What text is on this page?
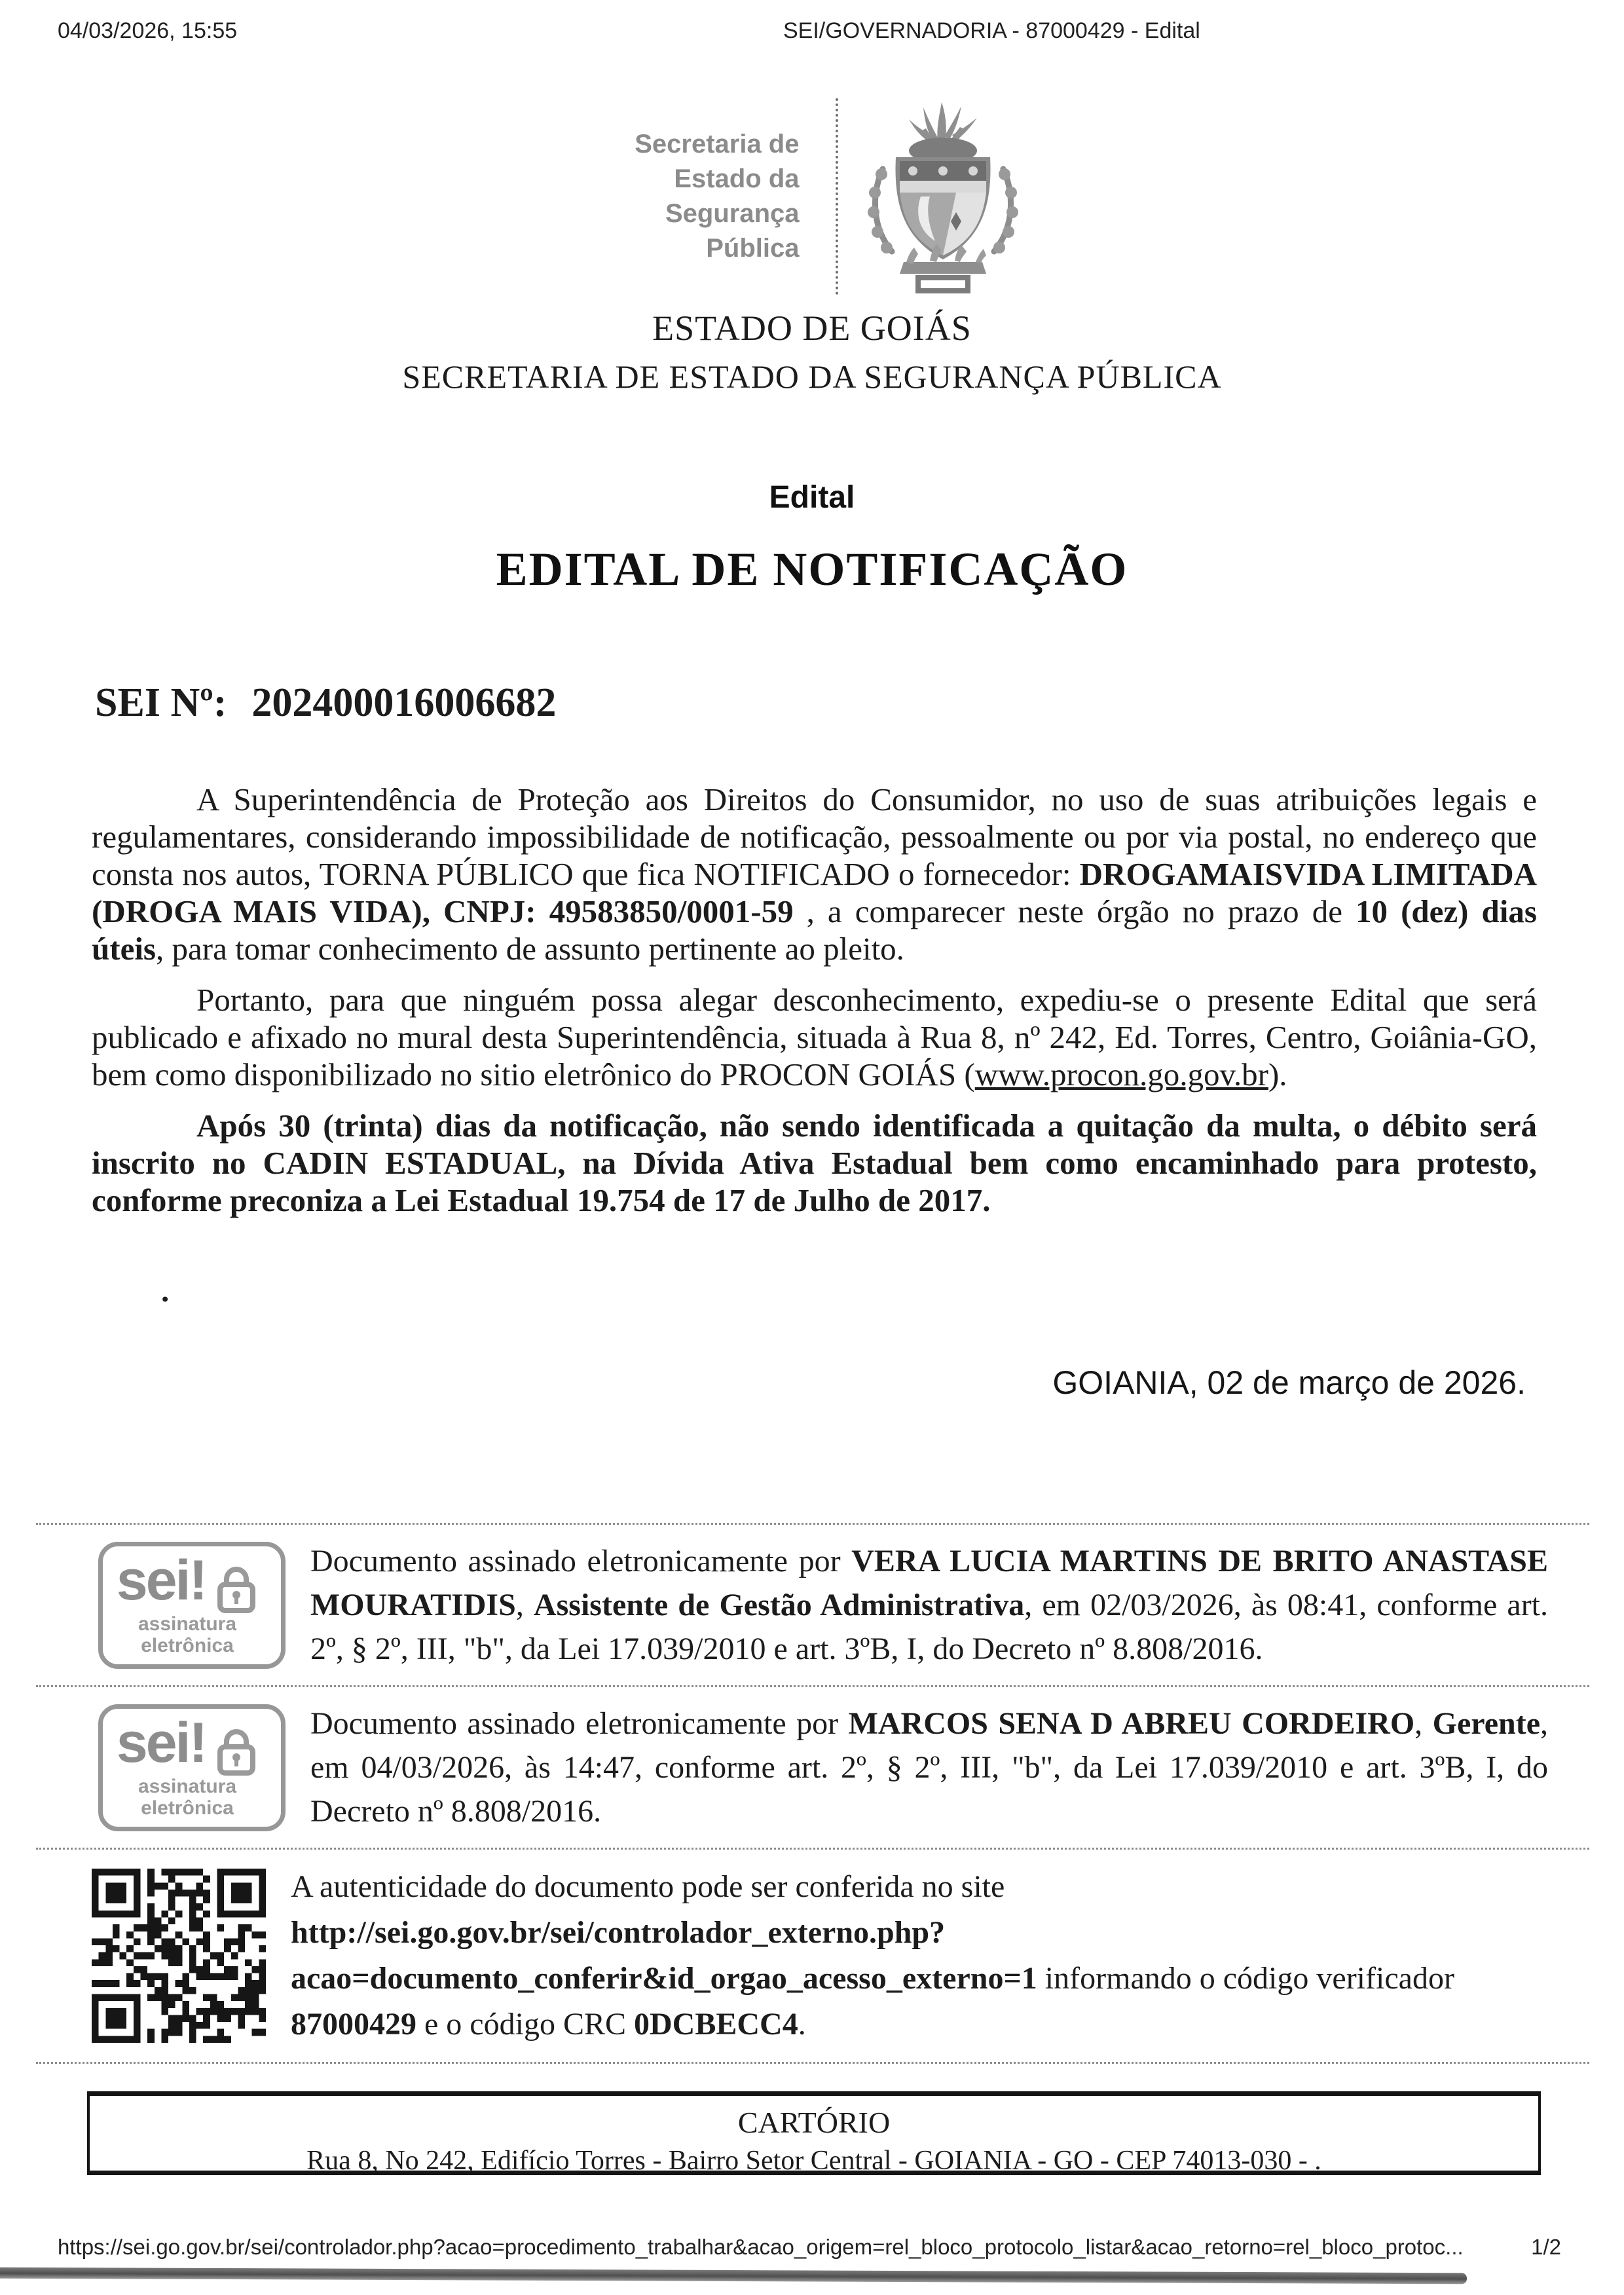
04/03/2026, 15:55	SEI/GOVERNADORIA - 87000429 - Edital
Secretaria de Estado da Segurança Pública
ESTADO DE GOIÁS
SECRETARIA DE ESTADO DA SEGURANÇA PÚBLICA
Edital
EDITAL DE NOTIFICAÇÃO
SEI Nº: 202400016006682

A Superintendência de Proteção aos Direitos do Consumidor, no uso de suas atribuições legais e regulamentares, considerando impossibilidade de notificação, pessoalmente ou por via postal, no endereço que consta nos autos, TORNA PÚBLICO que fica NOTIFICADO o fornecedor: DROGAMAISVIDA LIMITADA (DROGA MAIS VIDA), CNPJ: 49583850/0001-59 , a comparecer neste órgão no prazo de 10 (dez) dias úteis, para tomar conhecimento de assunto pertinente ao pleito.

Portanto, para que ninguém possa alegar desconhecimento, expediu-se o presente Edital que será publicado e afixado no mural desta Superintendência, situada à Rua 8, nº 242, Ed. Torres, Centro, Goiânia-GO, bem como disponibilizado no sitio eletrônico do PROCON GOIÁS (www.procon.go.gov.br).

Após 30 (trinta) dias da notificação, não sendo identificada a quitação da multa, o débito será inscrito no CADIN ESTADUAL, na Dívida Ativa Estadual bem como encaminhado para protesto, conforme preconiza a Lei Estadual 19.754 de 17 de Julho de 2017.

.
GOIANIA, 02 de março de 2026.
sei!
assinatura
eletrônica
Documento assinado eletronicamente por VERA LUCIA MARTINS DE BRITO ANASTASE MOURATIDIS, Assistente de Gestão Administrativa, em 02/03/2026, às 08:41, conforme art. 2º, § 2º, III, "b", da Lei 17.039/2010 e art. 3ºB, I, do Decreto nº 8.808/2016.
sei!
assinatura
eletrônica
Documento assinado eletronicamente por MARCOS SENA D ABREU CORDEIRO, Gerente, em 04/03/2026, às 14:47, conforme art. 2º, § 2º, III, "b", da Lei 17.039/2010 e art. 3ºB, I, do Decreto nº 8.808/2016.
A autenticidade do documento pode ser conferida no site
http://sei.go.gov.br/sei/controlador_externo.php?
acao=documento_conferir&id_orgao_acesso_externo=1 informando o código verificador 87000429 e o código CRC 0DCBECC4.
CARTÓRIO
Rua 8, No 242, Edifício Torres - Bairro Setor Central - GOIANIA - GO - CEP 74013-030 - .
https://sei.go.gov.br/sei/controlador.php?acao=procedimento_trabalhar&acao_origem=rel_bloco_protocolo_listar&acao_retorno=rel_bloco_protoc...	1/2
